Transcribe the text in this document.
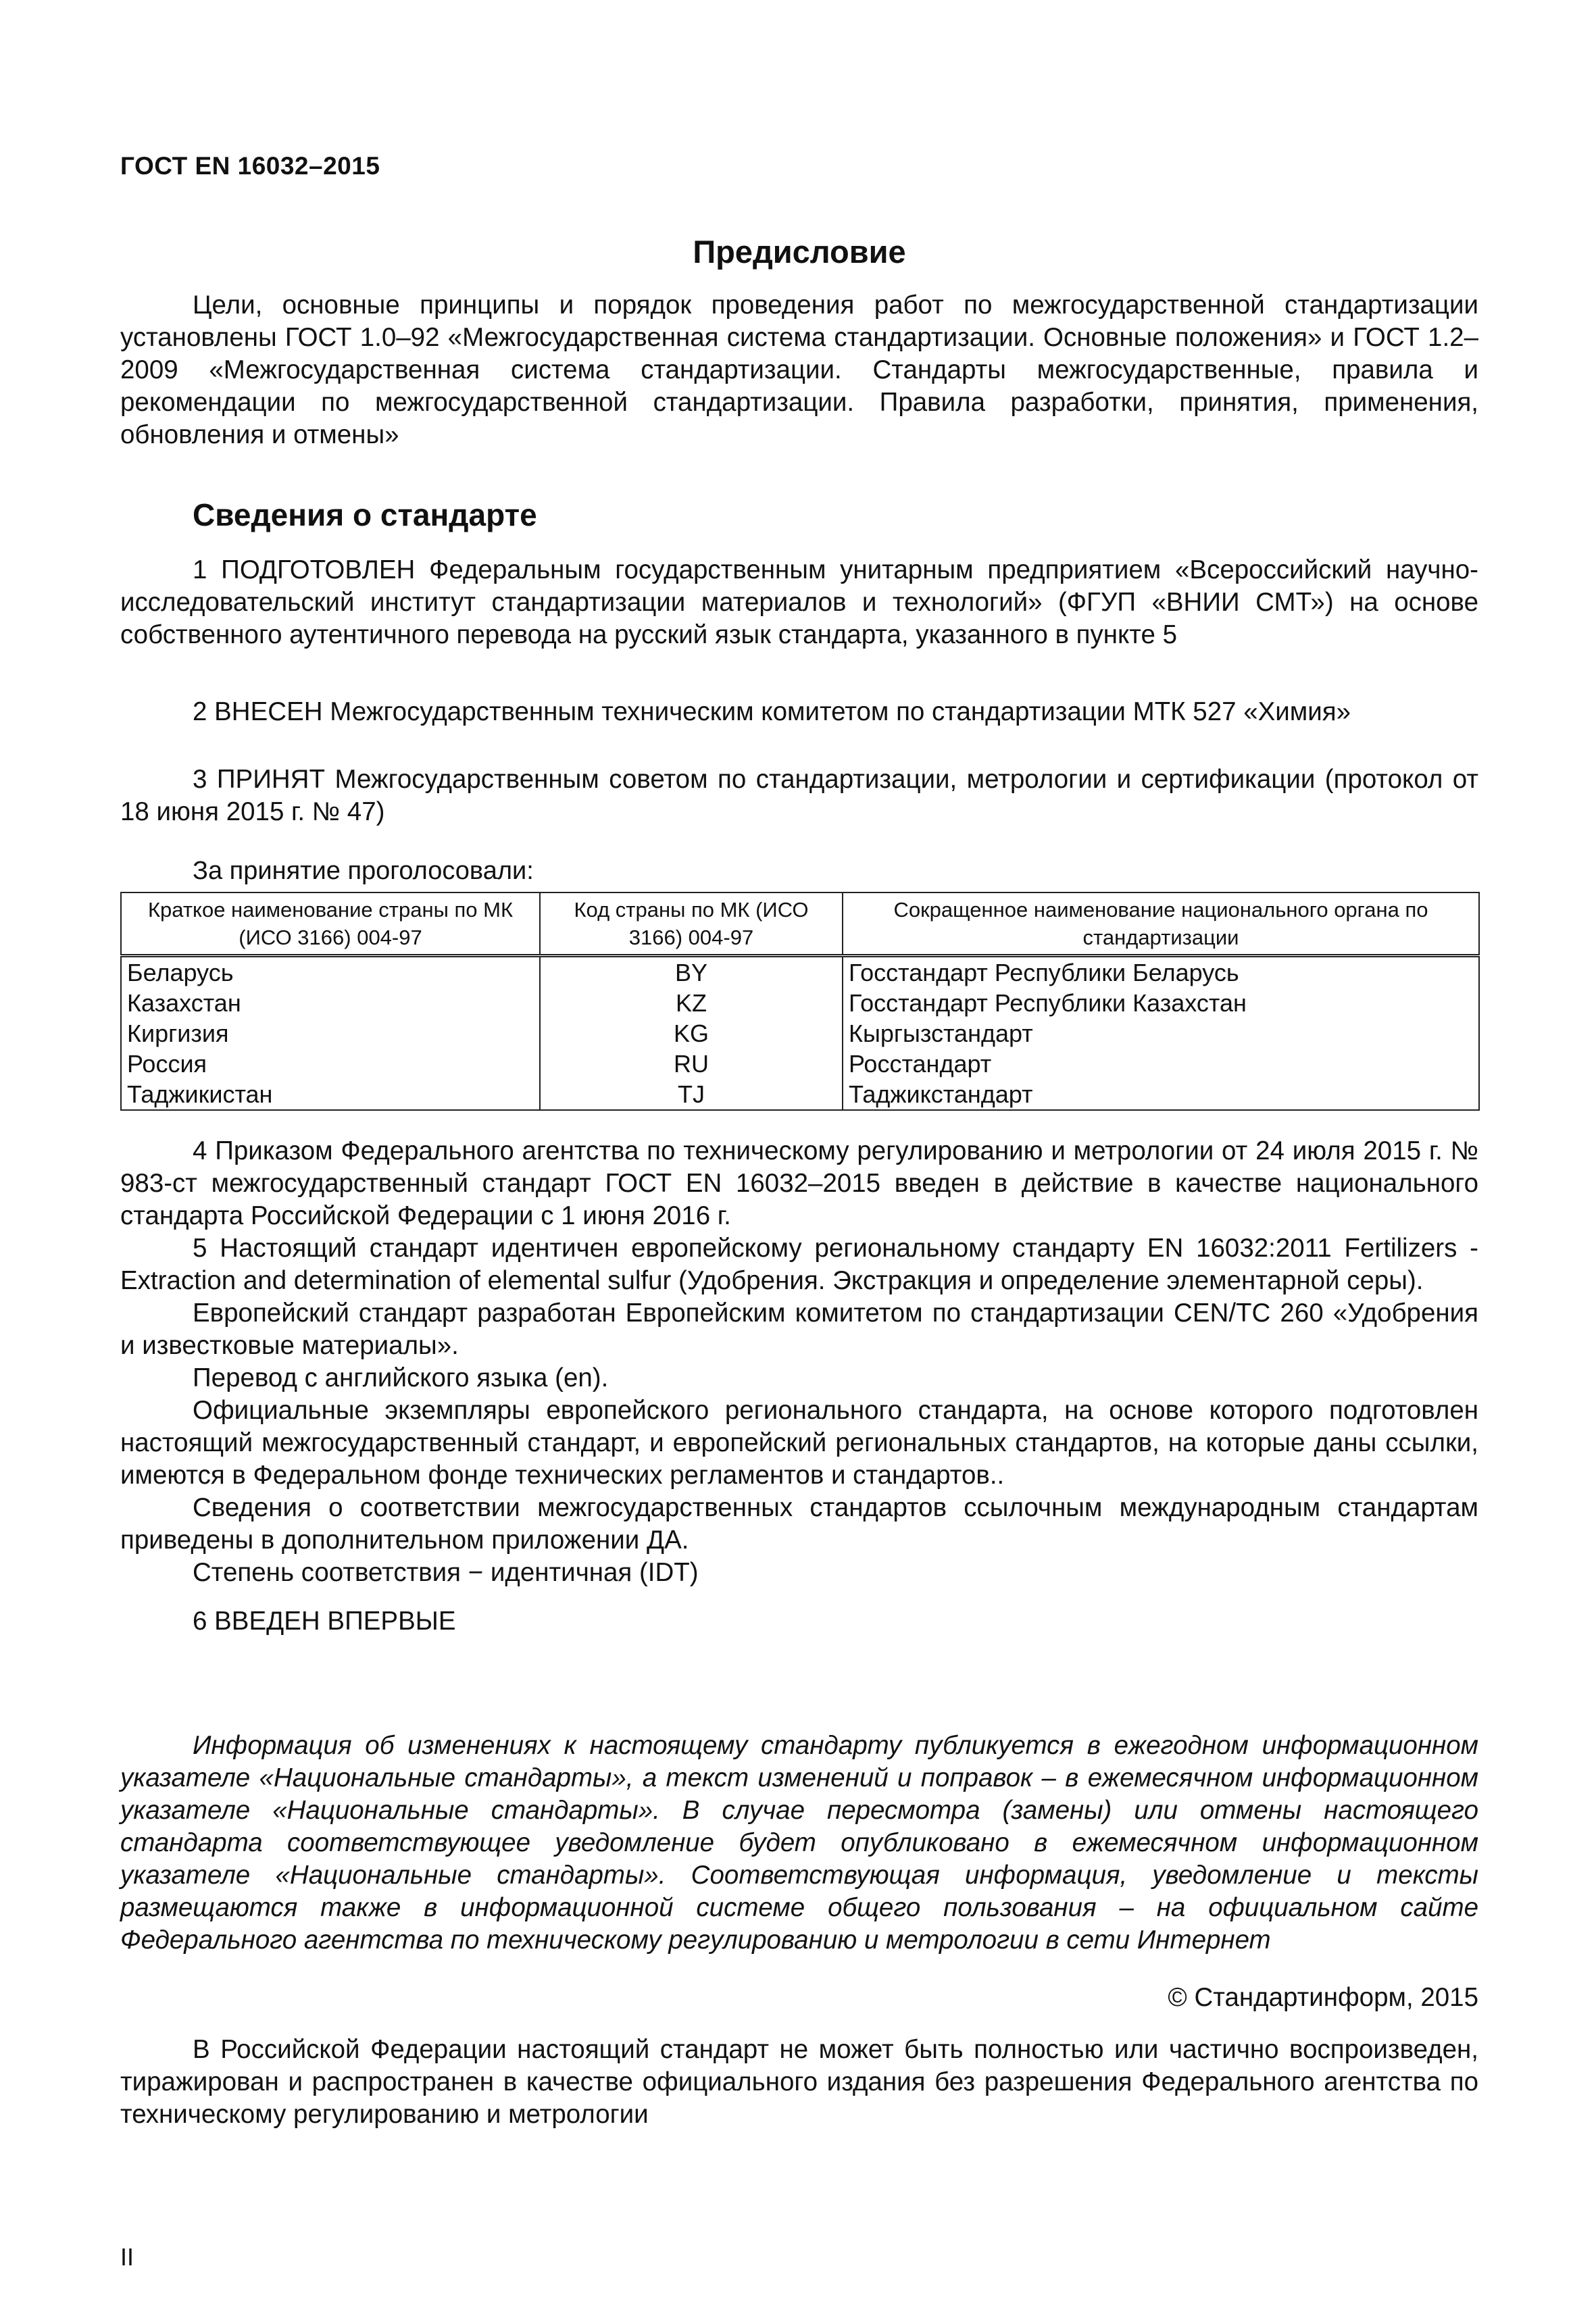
ГОСТ EN 16032–2015
Предисловие

Цели, основные принципы и порядок проведения работ по межгосударственной стандартизации установлены ГОСТ 1.0–92 «Межгосударственная система стандартизации. Основные положения» и ГОСТ 1.2–2009 «Межгосударственная система стандартизации. Стандарты межгосударственные, правила и рекомендации по межгосударственной стандартизации. Правила разработки, принятия, применения, обновления и отмены»

Сведения о стандарте

1 ПОДГОТОВЛЕН Федеральным государственным унитарным предприятием «Всероссийский научно-исследовательский институт стандартизации материалов и технологий» (ФГУП «ВНИИ СМТ») на основе собственного аутентичного перевода на русский язык стандарта, указанного в пункте 5

2 ВНЕСЕН Межгосударственным техническим комитетом по стандартизации МТК 527 «Химия»

3 ПРИНЯТ Межгосударственным советом по стандартизации, метрологии и сертификации (протокол от 18 июня 2015 г. № 47)

За принятие проголосовали:
Краткое наименование страны по МК (ИСО 3166) 004-97	Код страны по МК (ИСО 3166) 004-97	Сокращенное наименование национального органа по стандартизации
Беларусь	BY	Госстандарт Республики Беларусь
Казахстан	KZ	Госстандарт Республики Казахстан
Киргизия	KG	Кыргызстандарт
Россия	RU	Росстандарт
Таджикистан	TJ	Таджикстандарт

4 Приказом Федерального агентства по техническому регулированию и метрологии от 24 июля 2015 г. № 983-ст межгосударственный стандарт ГОСТ EN 16032–2015 введен в действие в качестве национального стандарта Российской Федерации с 1 июня 2016 г.

5 Настоящий стандарт идентичен европейскому региональному стандарту EN 16032:2011 Fertilizers - Extraction and determination of elemental sulfur (Удобрения. Экстракция и определение элементарной серы).

Европейский стандарт разработан Европейским комитетом по стандартизации CEN/TC 260 «Удобрения и известковые материалы».

Перевод с английского языка (en).

Официальные экземпляры европейского регионального стандарта, на основе которого подготовлен настоящий межгосударственный стандарт, и европейский региональных стандартов, на которые даны ссылки, имеются в Федеральном фонде технических регламентов и стандартов..

Сведения о соответствии межгосударственных стандартов ссылочным международным стандартам приведены в дополнительном приложении ДА.

Степень соответствия − идентичная (IDT)

6 ВВЕДЕН ВПЕРВЫЕ

Информация об изменениях к настоящему стандарту публикуется в ежегодном информационном указателе «Национальные стандарты», а текст изменений и поправок – в ежемесячном информационном указателе «Национальные стандарты». В случае пересмотра (замены) или отмены настоящего стандарта соответствующее уведомление будет опубликовано в ежемесячном информационном указателе «Национальные стандарты». Соответствующая информация, уведомление и тексты размещаются также в информационной системе общего пользования – на официальном сайте Федерального агентства по техническому регулированию и метрологии в сети Интернет

© Стандартинформ, 2015

В Российской Федерации настоящий стандарт не может быть полностью или частично воспроизведен, тиражирован и распространен в качестве официального издания без разрешения Федерального агентства по техническому регулированию и метрологии

II
